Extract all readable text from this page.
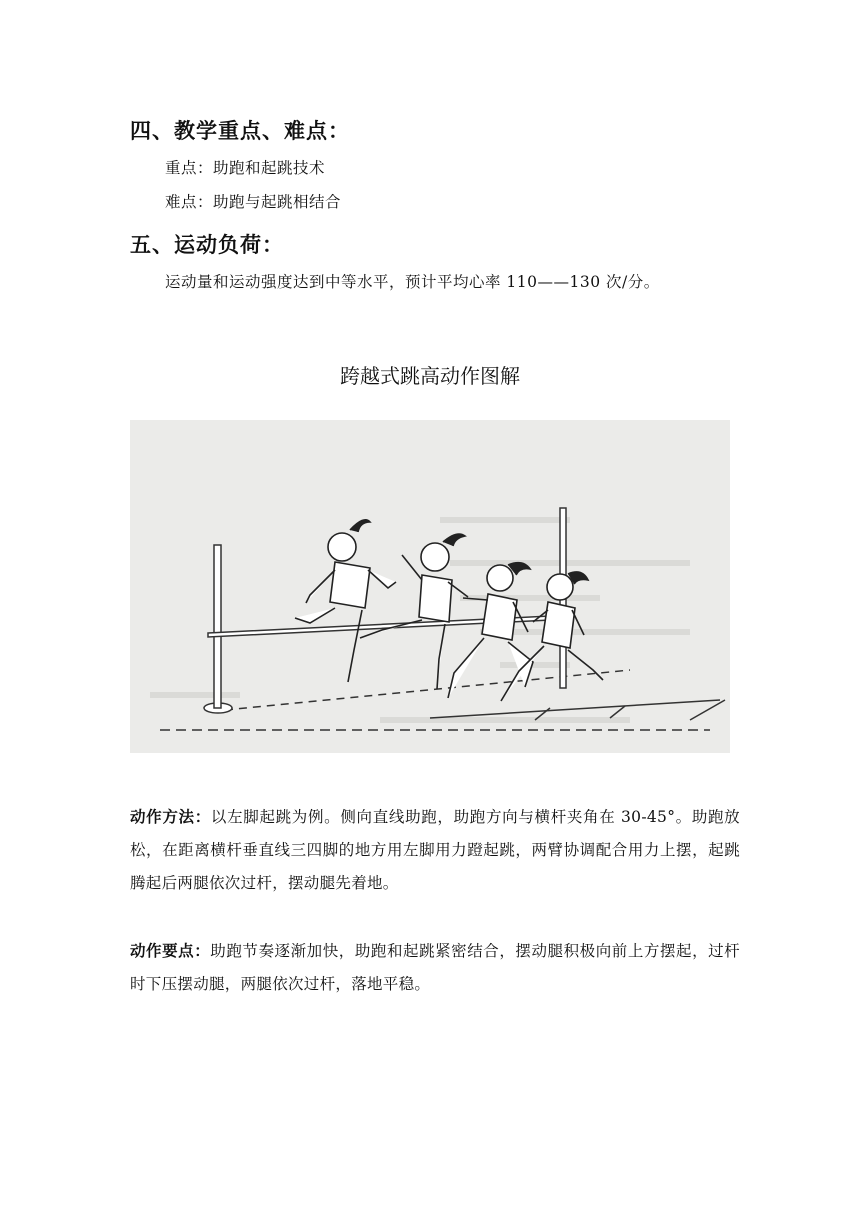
四、教学重点、难点：
重点：助跑和起跳技术
难点：助跑与起跳相结合
五、运动负荷：
运动量和运动强度达到中等水平，预计平均心率 110——130 次/分。
跨越式跳高动作图解
动作方法：以左脚起跳为例。侧向直线助跑，助跑方向与横杆夹角在 30-45°。助跑放松，在距离横杆垂直线三四脚的地方用左脚用力蹬起跳，两臂协调配合用力上摆，起跳腾起后两腿依次过杆，摆动腿先着地。
动作要点：助跑节奏逐渐加快，助跑和起跳紧密结合，摆动腿积极向前上方摆起，过杆时下压摆动腿，两腿依次过杆，落地平稳。
